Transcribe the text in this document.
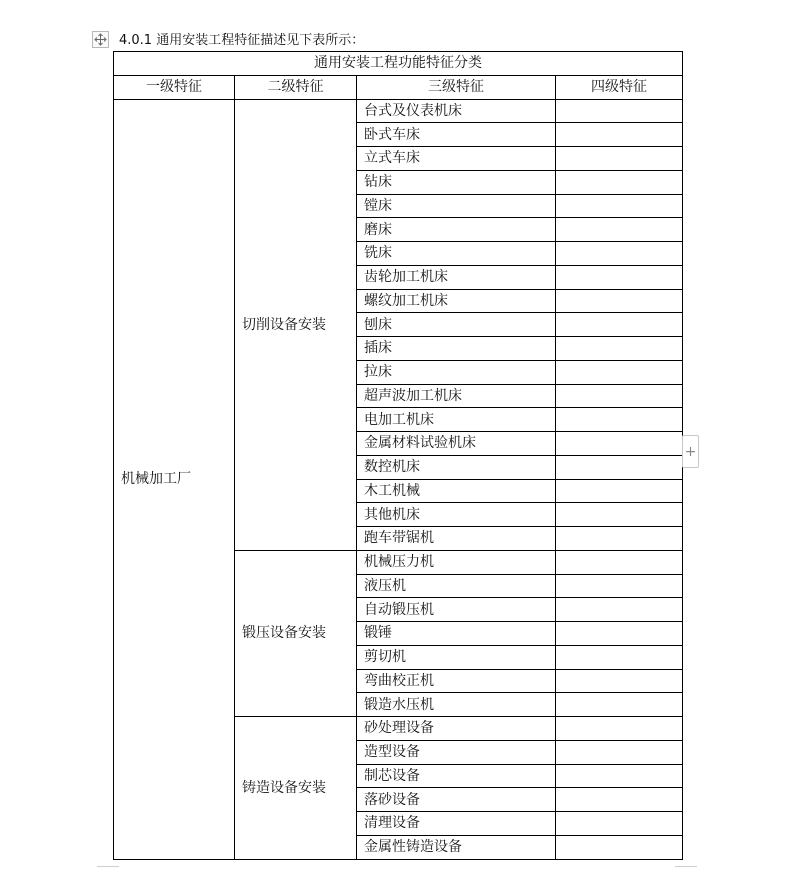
4.0.1 通用安装工程特征描述见下表所示：
通用安装工程功能特征分类			
一级特征	二级特征	三级特征	四级特征
机械加工厂	切削设备安装	台式及仪表机床	
		卧式车床	
		立式车床	
		钻床	
		镗床	
		磨床	
		铣床	
		齿轮加工机床	
		螺纹加工机床	
		刨床	
		插床	
		拉床	
		超声波加工机床	
		电加工机床	
		金属材料试验机床	
		数控机床	
		木工机械	
		其他机床	
		跑车带锯机	
	锻压设备安装	机械压力机	
		液压机	
		自动锻压机	
		锻锤	
		剪切机	
		弯曲校正机	
		锻造水压机	
	铸造设备安装	砂处理设备	
		造型设备	
		制芯设备	
		落砂设备	
		清理设备	
		金属性铸造设备	
+
